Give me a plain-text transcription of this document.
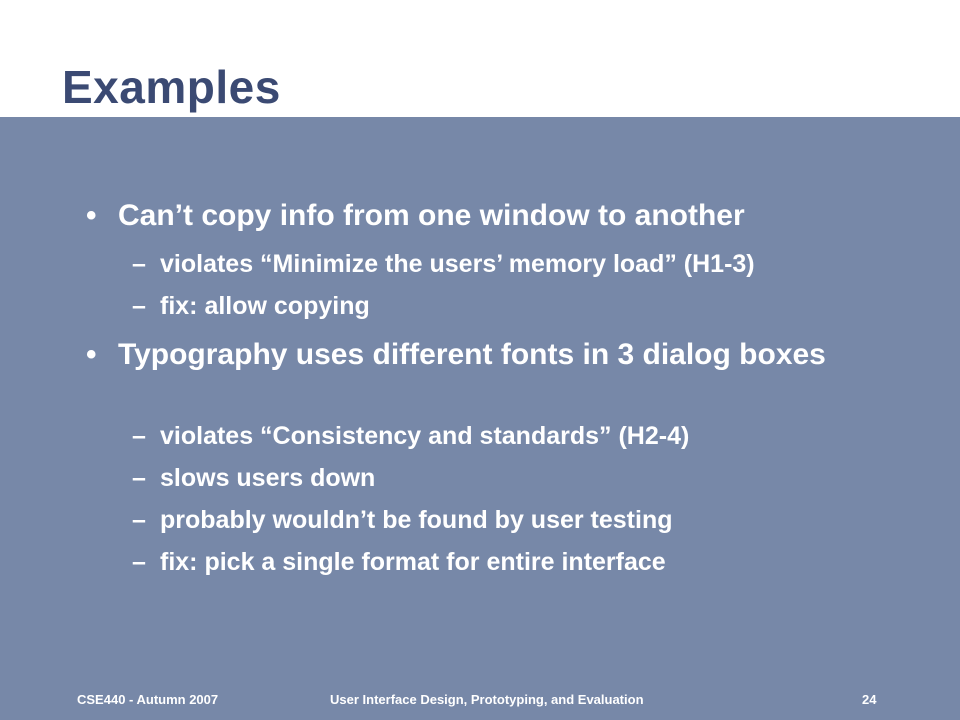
Examples
• Can’t copy info from one window to another
– violates “Minimize the users’ memory load” (H1-3)
– fix: allow copying
• Typography uses different fonts in 3 dialog boxes
– violates “Consistency and standards” (H2-4)
– slows users down
– probably wouldn’t be found by user testing
– fix: pick a single format for entire interface
CSE440 - Autumn 2007	User Interface Design, Prototyping, and Evaluation	24
